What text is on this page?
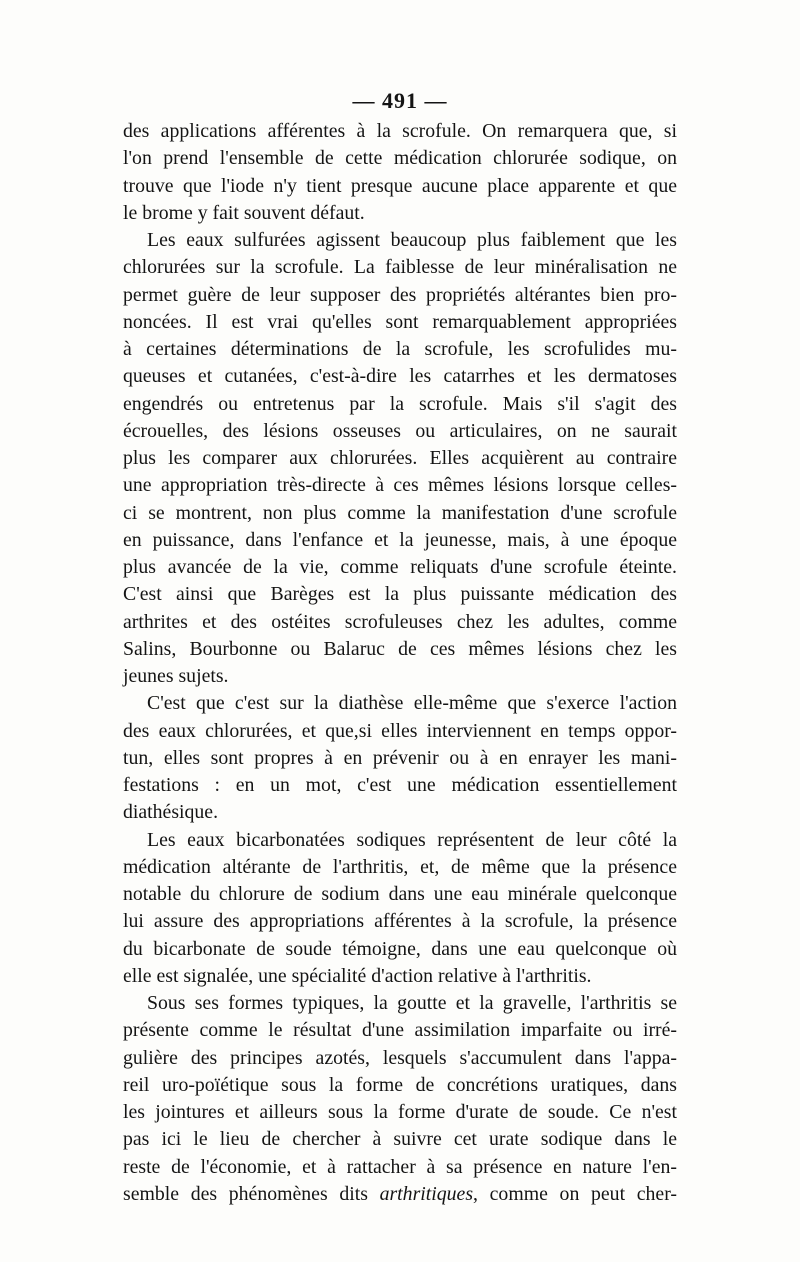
— 491 —
des applications afférentes à la scrofule. On remarquera que, si
l'on prend l'ensemble de cette médication chlorurée sodique, on
trouve que l'iode n'y tient presque aucune place apparente et que
le brome y fait souvent défaut.
Les eaux sulfurées agissent beaucoup plus faiblement que les
chlorurées sur la scrofule. La faiblesse de leur minéralisation ne
permet guère de leur supposer des propriétés altérantes bien pro-
noncées. Il est vrai qu'elles sont remarquablement appropriées
à certaines déterminations de la scrofule, les scrofulides mu-
queuses et cutanées, c'est-à-dire les catarrhes et les dermatoses
engendrés ou entretenus par la scrofule. Mais s'il s'agit des
écrouelles, des lésions osseuses ou articulaires, on ne saurait
plus les comparer aux chlorurées. Elles acquièrent au contraire
une appropriation très-directe à ces mêmes lésions lorsque celles-
ci se montrent, non plus comme la manifestation d'une scrofule
en puissance, dans l'enfance et la jeunesse, mais, à une époque
plus avancée de la vie, comme reliquats d'une scrofule éteinte.
C'est ainsi que Barèges est la plus puissante médication des
arthrites et des ostéites scrofuleuses chez les adultes, comme
Salins, Bourbonne ou Balaruc de ces mêmes lésions chez les
jeunes sujets.
C'est que c'est sur la diathèse elle-même que s'exerce l'action
des eaux chlorurées, et que,si elles interviennent en temps oppor-
tun, elles sont propres à en prévenir ou à en enrayer les mani-
festations : en un mot, c'est une médication essentiellement
diathésique.
Les eaux bicarbonatées sodiques représentent de leur côté la
médication altérante de l'arthritis, et, de même que la présence
notable du chlorure de sodium dans une eau minérale quelconque
lui assure des appropriations afférentes à la scrofule, la présence
du bicarbonate de soude témoigne, dans une eau quelconque où
elle est signalée, une spécialité d'action relative à l'arthritis.
Sous ses formes typiques, la goutte et la gravelle, l'arthritis se
présente comme le résultat d'une assimilation imparfaite ou irré-
gulière des principes azotés, lesquels s'accumulent dans l'appa-
reil uro-poïétique sous la forme de concrétions uratiques, dans
les jointures et ailleurs sous la forme d'urate de soude. Ce n'est
pas ici le lieu de chercher à suivre cet urate sodique dans le
reste de l'économie, et à rattacher à sa présence en nature l'en-
semble des phénomènes dits arthritiques, comme on peut cher-
